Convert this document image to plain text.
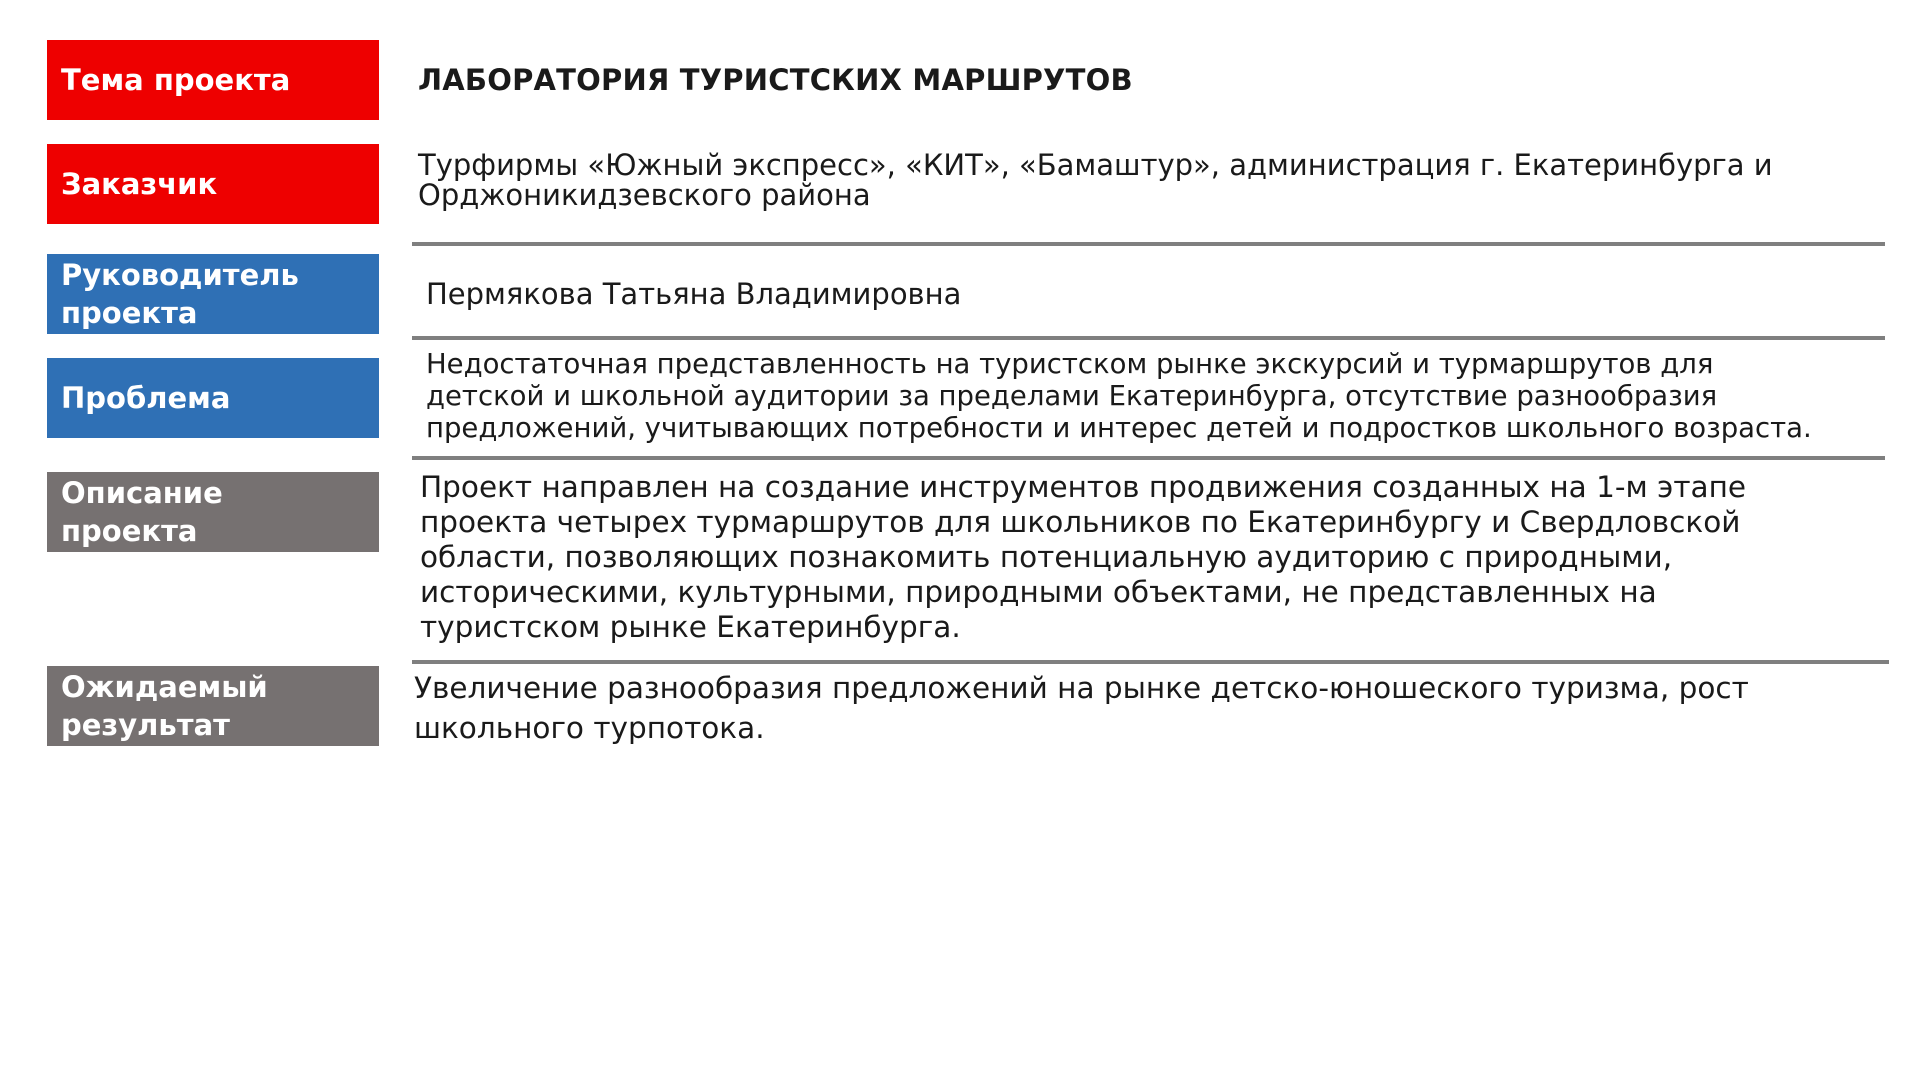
Тема проекта	ЛАБОРАТОРИЯ ТУРИСТСКИХ МАРШРУТОВ
Заказчик
Турфирмы «Южный экспресс», «КИТ», «Бамаштур», администрация г. Екатеринбурга и
Орджоникидзевского района
Руководитель
проекта
Пермякова Татьяна Владимировна
Проблема
Недостаточная представленность на туристском рынке экскурсий и турмаршрутов для
детской и школьной аудитории за пределами Екатеринбурга, отсутствие разнообразия
предложений, учитывающих потребности и интерес детей и подростков школьного возраста.
Описание
проекта
Проект направлен на создание инструментов продвижения созданных на 1-м этапе
проекта четырех турмаршрутов для школьников по Екатеринбургу и Свердловской
области, позволяющих познакомить потенциальную аудиторию с природными,
историческими, культурными, природными объектами, не представленных на
туристском рынке Екатеринбурга.
Ожидаемый
результат
Увеличение разнообразия предложений на рынке детско-юношеского туризма, рост
школьного турпотока.
